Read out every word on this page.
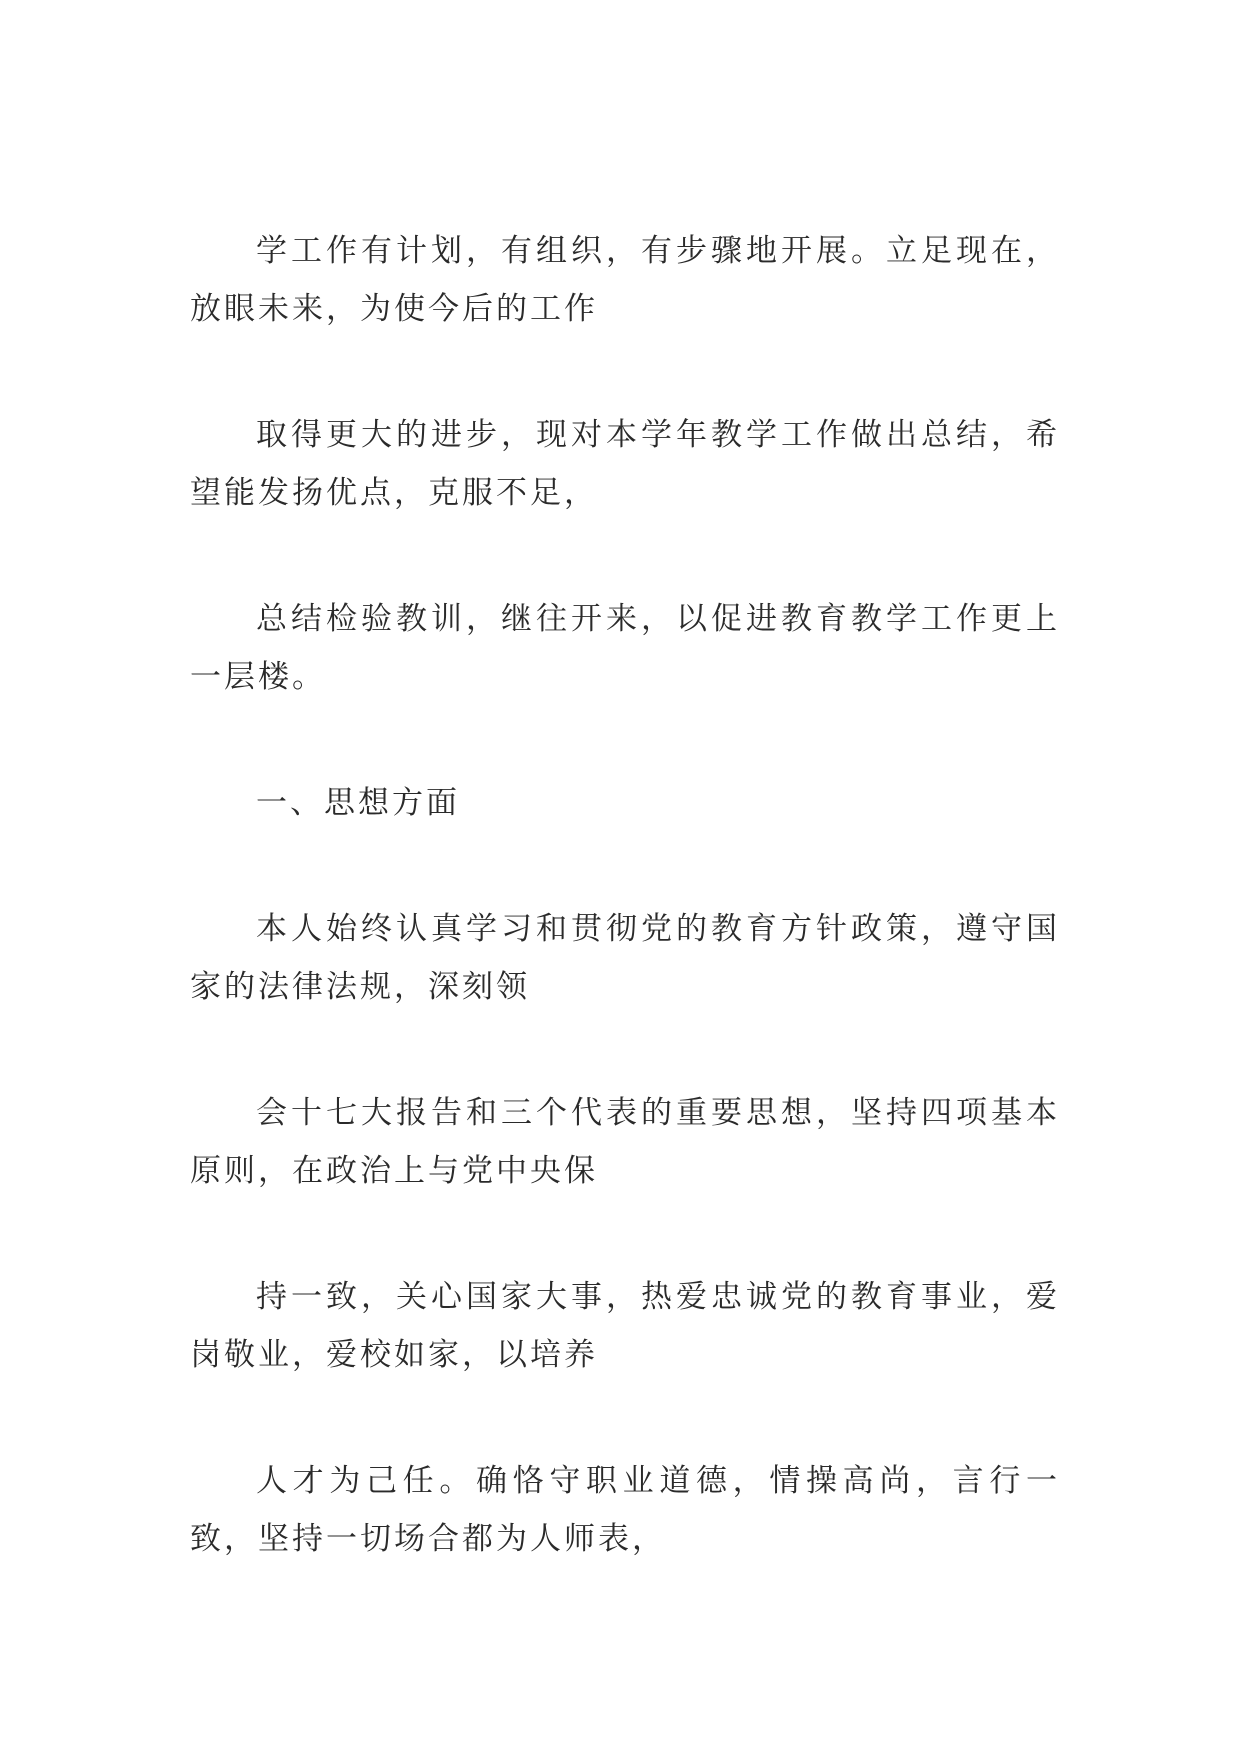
学工作有计划，有组织，有步骤地开展。立足现在，放眼未来，为使今后的工作

取得更大的进步，现对本学年教学工作做出总结，希望能发扬优点，克服不足，

总结检验教训，继往开来，以促进教育教学工作更上一层楼。

一、思想方面

本人始终认真学习和贯彻党的教育方针政策，遵守国家的法律法规，深刻领

会十七大报告和三个代表的重要思想，坚持四项基本原则，在政治上与党中央保

持一致，关心国家大事，热爱忠诚党的教育事业，爱岗敬业，爱校如家，以培养

人才为己任。确恪守职业道德，情操高尚，言行一致，坚持一切场合都为人师表，
